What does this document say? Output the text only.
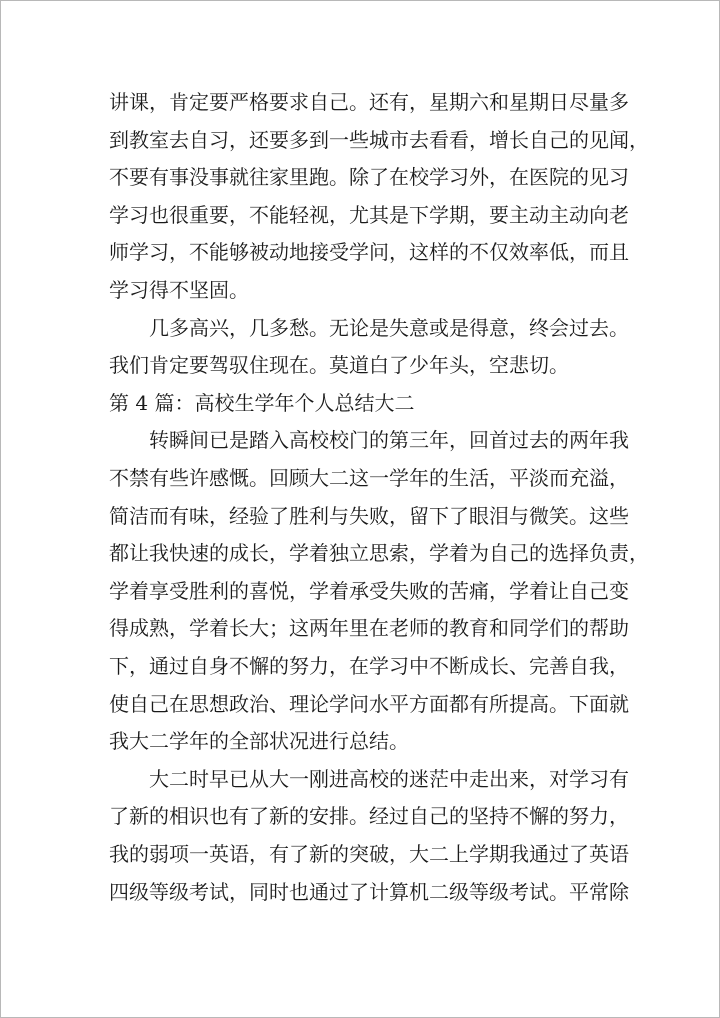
讲课，肯定要严格要求自己。还有，星期六和星期日尽量多
到教室去自习，还要多到一些城市去看看，增长自己的见闻，
不要有事没事就往家里跑。除了在校学习外，在医院的见习
学习也很重要，不能轻视，尤其是下学期，要主动主动向老
师学习，不能够被动地接受学问，这样的不仅效率低，而且
学习得不坚固。
几多高兴，几多愁。无论是失意或是得意，终会过去。
我们肯定要驾驭住现在。莫道白了少年头，空悲切。
第 4 篇：高校生学年个人总结大二
转瞬间已是踏入高校校门的第三年，回首过去的两年我
不禁有些许感慨。回顾大二这一学年的生活，平淡而充溢，
简洁而有味，经验了胜利与失败，留下了眼泪与微笑。这些
都让我快速的成长，学着独立思索，学着为自己的选择负责，
学着享受胜利的喜悦，学着承受失败的苦痛，学着让自己变
得成熟，学着长大；这两年里在老师的教育和同学们的帮助
下，通过自身不懈的努力，在学习中不断成长、完善自我，
使自己在思想政治、理论学问水平方面都有所提高。下面就
我大二学年的全部状况进行总结。
大二时早已从大一刚进高校的迷茫中走出来，对学习有
了新的相识也有了新的安排。经过自己的坚持不懈的努力，
我的弱项一英语，有了新的突破，大二上学期我通过了英语
四级等级考试，同时也通过了计算机二级等级考试。平常除
